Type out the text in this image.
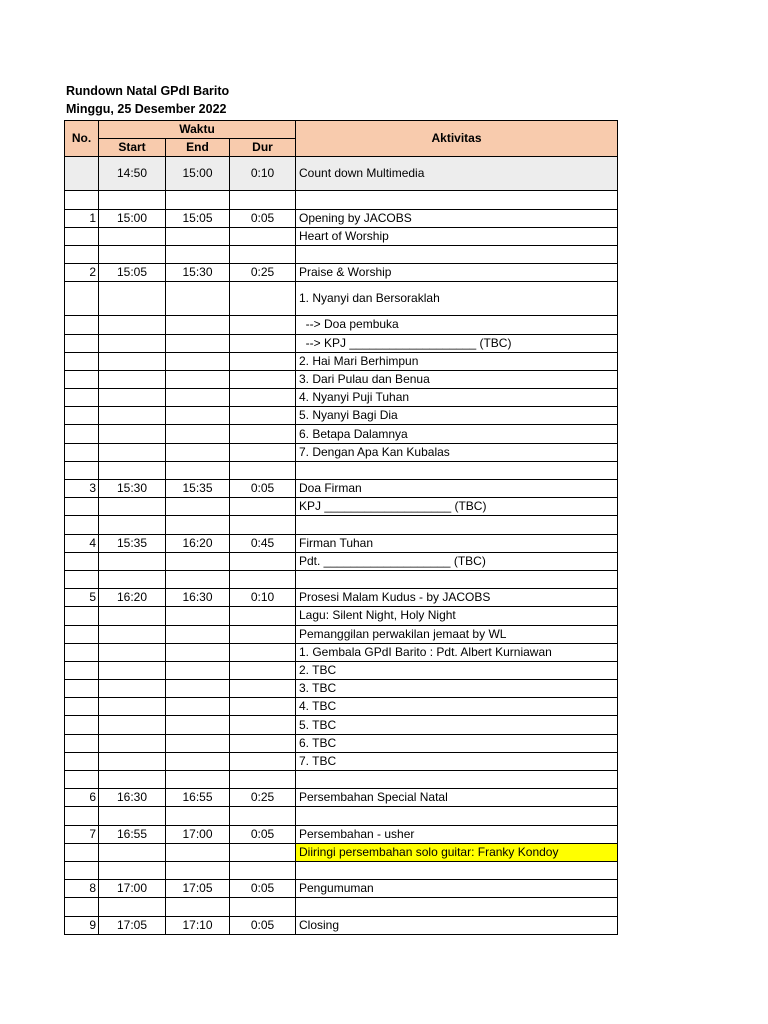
Rundown Natal GPdI Barito
Minggu, 25 Desember 2022
No.	Waktu			Aktivitas
	Start	End	Dur	
	14:50	15:00	0:10	Count down Multimedia

1	15:00	15:05	0:05	Opening by JACOBS
				Heart of Worship

2	15:05	15:30	0:25	Praise & Worship
				1. Nyanyi dan Bersoraklah
				--> Doa pembuka
				--> KPJ ___________________ (TBC)
				2. Hai Mari Berhimpun
				3. Dari Pulau dan Benua
				4. Nyanyi Puji Tuhan
				5. Nyanyi Bagi Dia
				6. Betapa Dalamnya
				7. Dengan Apa Kan Kubalas

3	15:30	15:35	0:05	Doa Firman
				KPJ ___________________ (TBC)

4	15:35	16:20	0:45	Firman Tuhan
				Pdt. ___________________ (TBC)

5	16:20	16:30	0:10	Prosesi Malam Kudus - by JACOBS
				Lagu: Silent Night, Holy Night
				Pemanggilan perwakilan jemaat by WL
				1. Gembala GPdI Barito : Pdt. Albert Kurniawan
				2. TBC
				3. TBC
				4. TBC
				5. TBC
				6. TBC
				7. TBC

6	16:30	16:55	0:25	Persembahan Special Natal

7	16:55	17:00	0:05	Persembahan - usher
				Diiringi persembahan solo guitar: Franky Kondoy

8	17:00	17:05	0:05	Pengumuman

9	17:05	17:10	0:05	Closing
